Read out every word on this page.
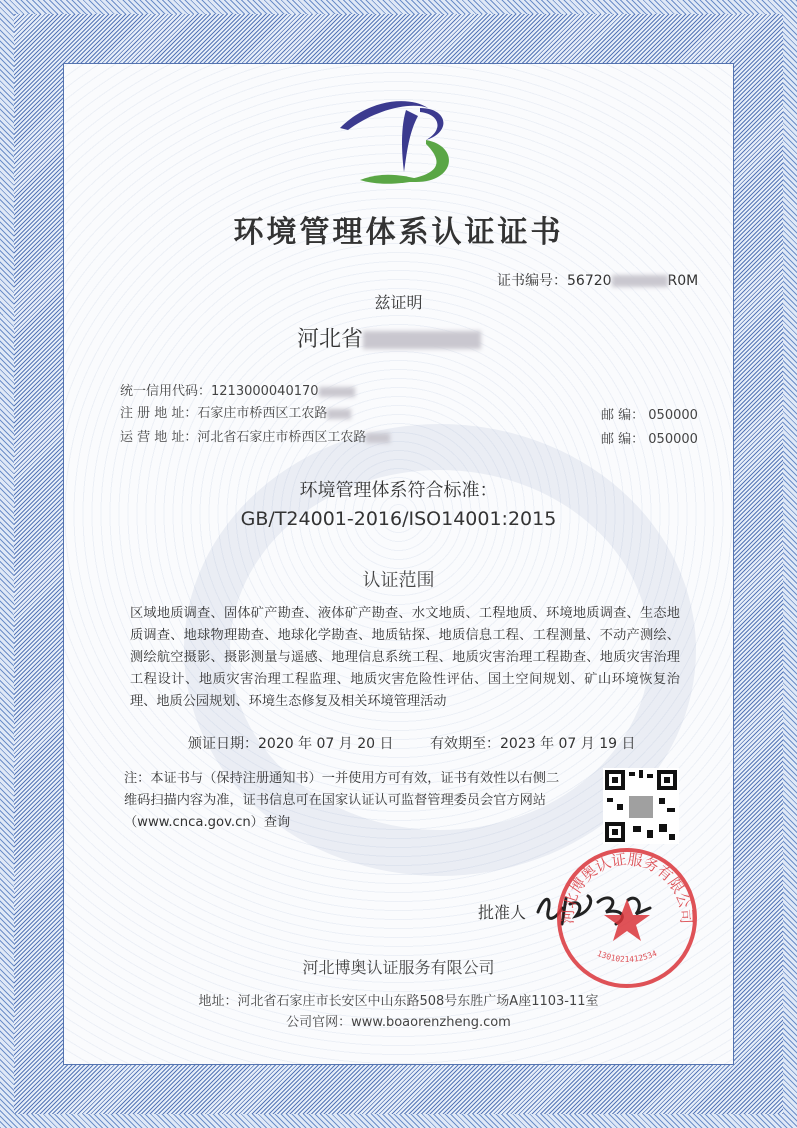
环境管理体系认证证书
证书编号：56720	R0M
兹证明
河北省
统一信用代码：1213000040170
注 册 地 址：石家庄市桥西区工农路
运 营 地 址：河北省石家庄市桥西区工农路
邮 编： 050000
邮 编： 050000
环境管理体系符合标准：
GB/T24001-2016/ISO14001:2015
认证范围

区域地质调查、固体矿产勘查、液体矿产勘查、水文地质、工程地质、环境地质调查、生态地质调查、地球物理勘查、地球化学勘查、地质钻探、地质信息工程、工程测量、不动产测绘、测绘航空摄影、摄影测量与遥感、地理信息系统工程、地质灾害治理工程勘查、地质灾害治理工程设计、地质灾害治理工程监理、地质灾害危险性评估、国土空间规划、矿山环境恢复治理、地质公园规划、环境生态修复及相关环境管理活动

颁证日期：2020 年 07 月 20 日	有效期至：2023 年 07 月 19 日

注：本证书与（保持注册通知书）一并使用方可有效，证书有效性以右侧二维码扫描内容为准，证书信息可在国家认证认可监督管理委员会官方网站（www.cnca.gov.cn）查询

批准人 河北博奥认证服务有限公司
1301021412534
河北博奥认证服务有限公司
地址：河北省石家庄市长安区中山东路508号东胜广场A座1103-11室
公司官网：www.boaorenzheng.com
